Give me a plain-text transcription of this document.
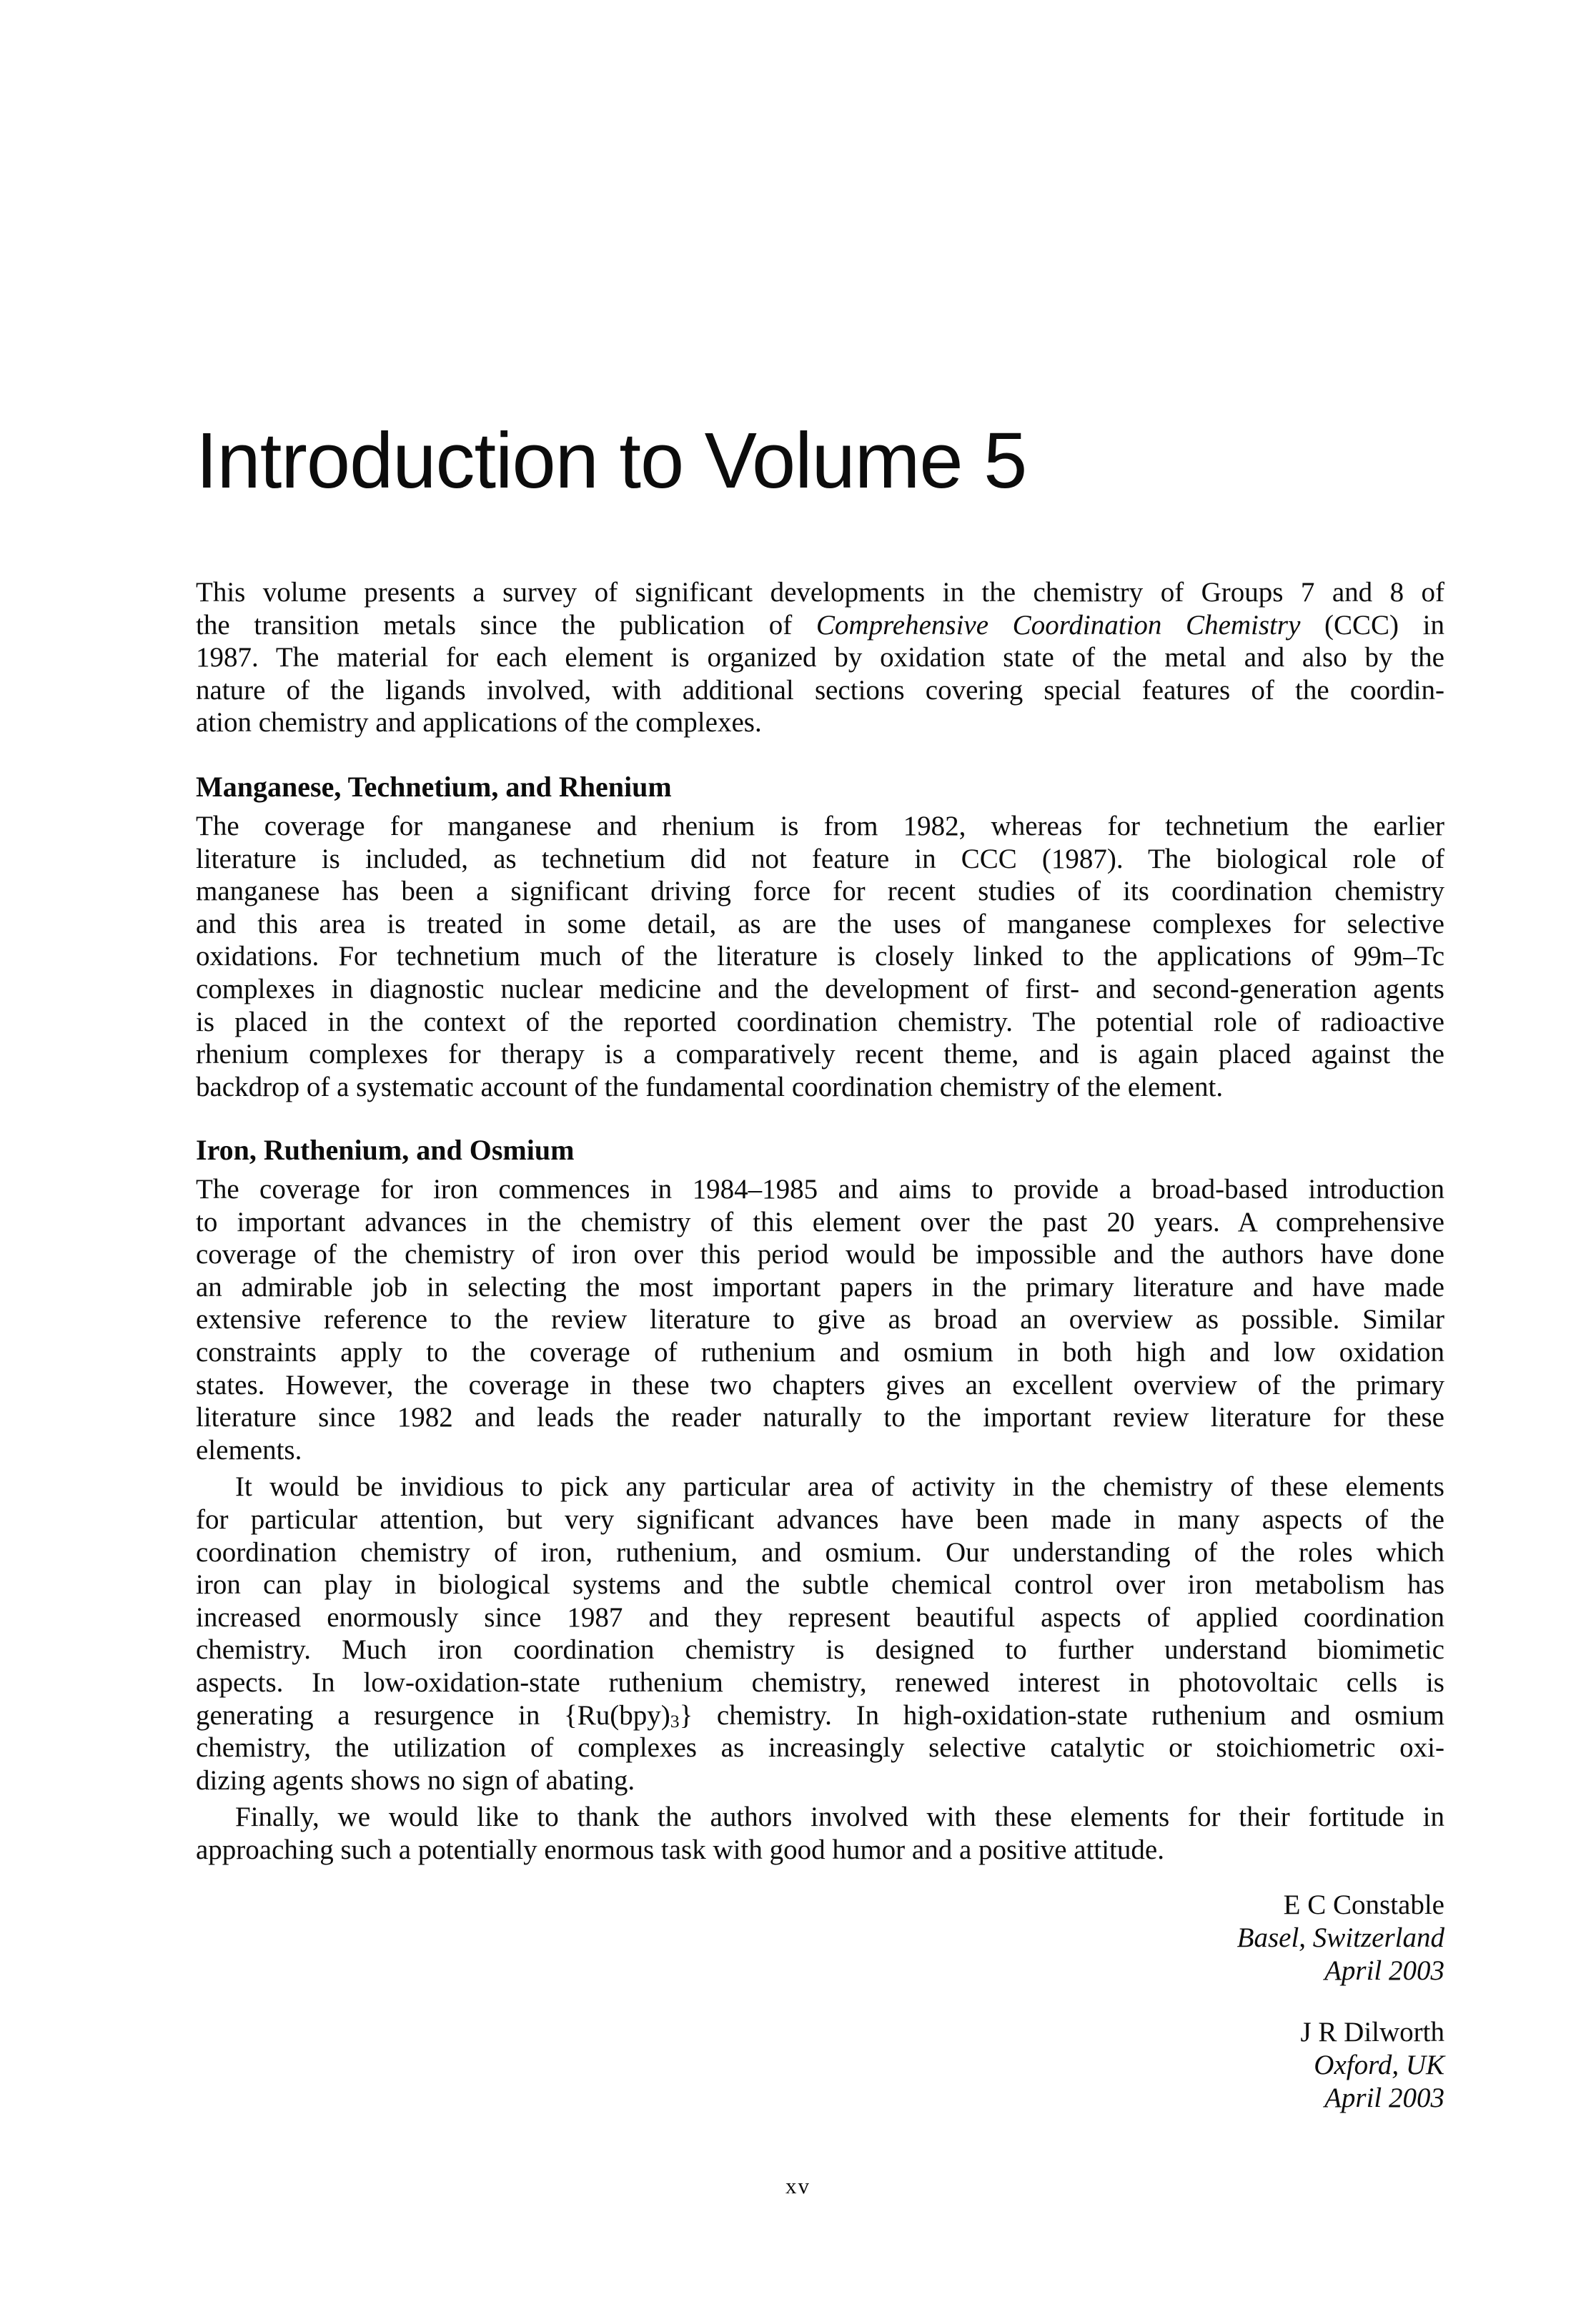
Introduction to Volume 5
This volume presents a survey of significant developments in the chemistry of Groups 7 and 8 of
the transition metals since the publication of Comprehensive Coordination Chemistry (CCC) in
1987. The material for each element is organized by oxidation state of the metal and also by the
nature of the ligands involved, with additional sections covering special features of the coordin-
ation chemistry and applications of the complexes.
Manganese, Technetium, and Rhenium
The coverage for manganese and rhenium is from 1982, whereas for technetium the earlier
literature is included, as technetium did not feature in CCC (1987). The biological role of
manganese has been a significant driving force for recent studies of its coordination chemistry
and this area is treated in some detail, as are the uses of manganese complexes for selective
oxidations. For technetium much of the literature is closely linked to the applications of 99m–Tc
complexes in diagnostic nuclear medicine and the development of first- and second-generation agents
is placed in the context of the reported coordination chemistry. The potential role of radioactive
rhenium complexes for therapy is a comparatively recent theme, and is again placed against the
backdrop of a systematic account of the fundamental coordination chemistry of the element.
Iron, Ruthenium, and Osmium
The coverage for iron commences in 1984–1985 and aims to provide a broad-based introduction
to important advances in the chemistry of this element over the past 20 years. A comprehensive
coverage of the chemistry of iron over this period would be impossible and the authors have done
an admirable job in selecting the most important papers in the primary literature and have made
extensive reference to the review literature to give as broad an overview as possible. Similar
constraints apply to the coverage of ruthenium and osmium in both high and low oxidation
states. However, the coverage in these two chapters gives an excellent overview of the primary
literature since 1982 and leads the reader naturally to the important review literature for these
elements.
It would be invidious to pick any particular area of activity in the chemistry of these elements
for particular attention, but very significant advances have been made in many aspects of the
coordination chemistry of iron, ruthenium, and osmium. Our understanding of the roles which
iron can play in biological systems and the subtle chemical control over iron metabolism has
increased enormously since 1987 and they represent beautiful aspects of applied coordination
chemistry. Much iron coordination chemistry is designed to further understand biomimetic
aspects. In low-oxidation-state ruthenium chemistry, renewed interest in photovoltaic cells is
generating a resurgence in $\{Ru(bpy)_3\}$ chemistry. In high-oxidation-state ruthenium and osmium
chemistry, the utilization of complexes as increasingly selective catalytic or stoichiometric oxi-
dizing agents shows no sign of abating.
Finally, we would like to thank the authors involved with these elements for their fortitude in
approaching such a potentially enormous task with good humor and a positive attitude.
E C Constable
Basel, Switzerland
April 2003
J R Dilworth
Oxford, UK
April 2003
xv
